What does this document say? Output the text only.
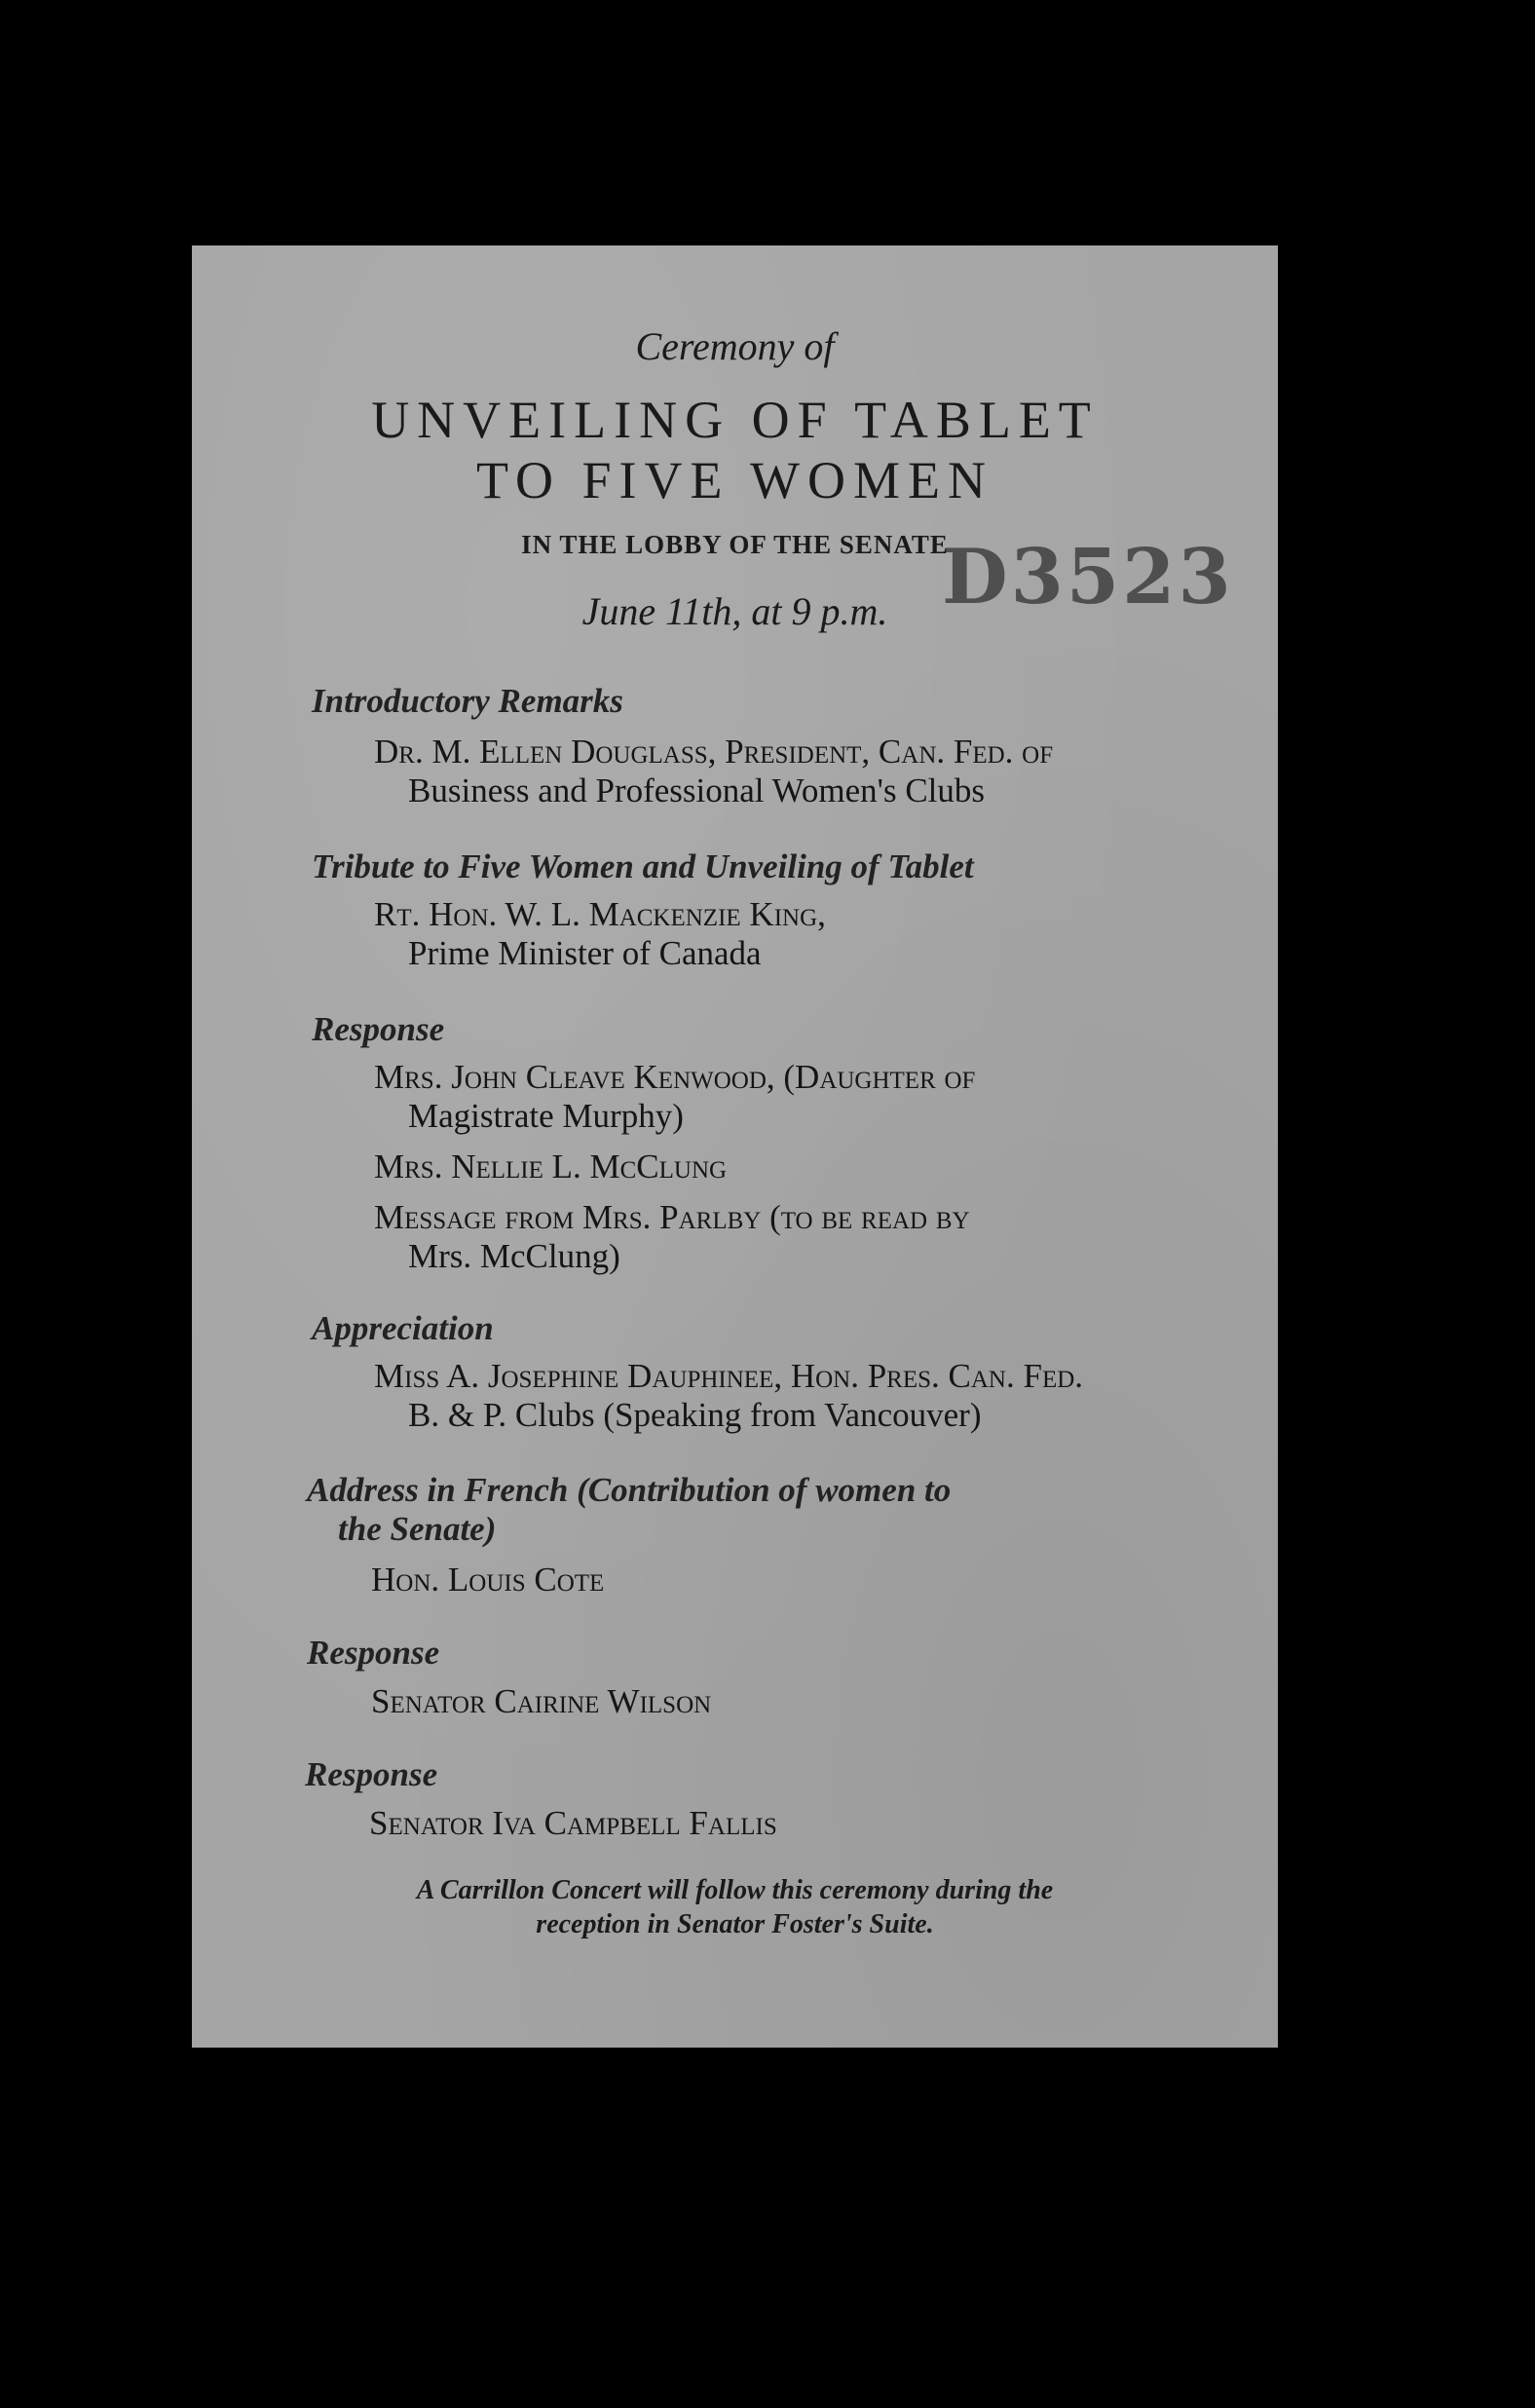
Ceremony of
UNVEILING OF TABLET
TO FIVE WOMEN
IN THE LOBBY OF THE SENATE
June 11th, at 9 p.m. D3523
Introductory Remarks
Dr. M. Ellen Douglass, President, Can. Fed. of
Business and Professional Women's Clubs
Tribute to Five Women and Unveiling of Tablet
Rt. Hon. W. L. Mackenzie King,
Prime Minister of Canada
Response
Mrs. John Cleave Kenwood, (Daughter of
Magistrate Murphy)
Mrs. Nellie L. McClung
Message from Mrs. Parlby (to be read by
Mrs. McClung)
Appreciation
Miss A. Josephine Dauphinee, Hon. Pres. Can. Fed.
B. & P. Clubs (Speaking from Vancouver)
Address in French (Contribution of women to
the Senate)
Hon. Louis Cote
Response
Senator Cairine Wilson
Response
Senator Iva Campbell Fallis
A Carrillon Concert will follow this ceremony during the
reception in Senator Foster's Suite.
